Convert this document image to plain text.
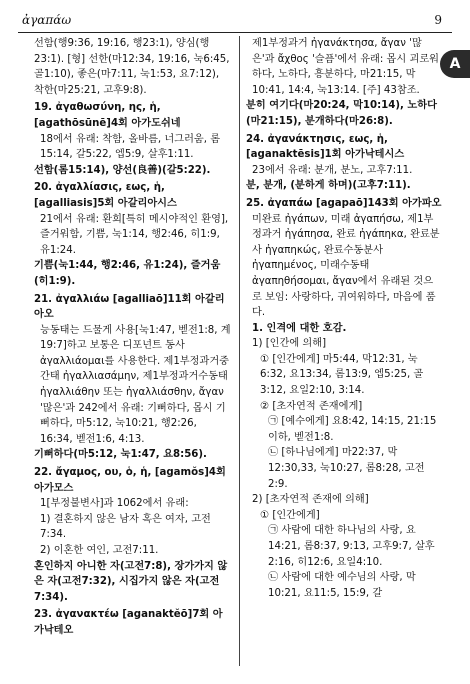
ἀγαπάω	9
A

선함(행9:36, 19:16, 행23:1), 양심(행23:1). [형] 선한(마12:34, 19:16, 눅6:45, 골1:10), 좋은(마7:11, 눅1:53, 요7:12), 착한(마25:21, 고후9:8).

19. ἀγαθωσύνη, ης, ἡ, [agathōsūnē]4회 아가도쉬네

18에서 유래: 착함, 올바름, 너그러움, 롬15:14, 갈5:22, 엡5:9, 살후1:11.

선함(롬15:14), 양선(良善)(갈5:22).

20. ἀγαλλίασις, εως, ἡ, [agalliasis]5회 아갈리아시스

21에서 유래: 환희[특히 메시야적인 환영], 즐거워함, 기쁨, 눅1:14, 행2:46, 히1:9, 유1:24.

기쁨(눅1:44, 행2:46, 유1:24), 즐거움(히1:9).

21. ἀγαλλιάω [agalliaō]11회 아갈리아오

능동태는 드물게 사용[눅1:47, 벧전1:8, 계19:7]하고 보통은 디포넌트 동사 ἀγαλλιάομαι를 사용한다. 제1부정과거중간태 ἠγαλλιασάμην, 제1부정과거수동태 ἠγαλλιάθην 또는 ἠγαλλιάσθην, ἄγαν '많은'과 242에서 유래: 기뻐하다, 몹시 기뻐하다, 마5:12, 눅10:21, 행2:26, 16:34, 벧전1:6, 4:13.

기뻐하다(마5:12, 눅1:47, 요8:56).

22. ἄγαμος, ου, ὁ, ἡ, [agamŏs]4회 아가모스

1[부정불변사]과 1062에서 유래:

1) 결혼하지 않은 남자 혹은 여자, 고전7:34.

2) 이혼한 여인, 고전7:11.

혼인하지 아니한 자(고전7:8), 장가가지 않은 자(고전7:32), 시집가지 않은 자(고전7:34).

23. ἀγανακτέω [aganaktĕō]7회 아가낙테오

제1부정과거 ἠγανάκτησα, ἄγαν '많은'과 ἄχθος '슬픔'에서 유래: 몹시 괴로워하다, 노하다, 흥분하다, 마21:15, 막10:41, 14:4, 눅13:14. [주] 43참조.

분히 여기다(마20:24, 막10:14), 노하다(마21:15), 분개하다(마26:8).

24. ἀγανάκτησις, εως, ἡ, [aganaktēsis]1회 아가낙테시스

23에서 유래: 분개, 분노, 고후7:11.

분, 분개, (분하게 하며)(고후7:11).

25. ἀγαπάω [agapaō]143회 아가파오

미완료 ἠγάπων, 미래 ἀγαπήσω, 제1부정과거 ἠγάπησα, 완료 ἠγάπηκα, 완료분사 ἠγαπηκώς, 완료수동분사 ἠγαπημένος, 미래수동태 ἀγαπηθήσομαι, ἄγαν에서 유래된 것으로 보임: 사랑하다, 귀여워하다, 마음에 품다.

1. 인격에 대한 호감.

1) [인간에 의해]

① [인간에게] 마5:44, 막12:31, 눅6:32, 요13:34, 롬13:9, 엡5:25, 골3:12, 요일2:10, 3:14.

② [초자연적 존재에게]

㉠ [예수에게] 요8:42, 14:15, 21:15 이하, 벧전1:8.

㉡ [하나님에게] 마22:37, 막12:30,33, 눅10:27, 롬8:28, 고전2:9.

2) [초자연적 존재에 의해]

① [인간에게]

㉠ 사람에 대한 하나님의 사랑, 요14:21, 롬8:37, 9:13, 고후9:7, 살후2:16, 히12:6, 요일4:10.

㉡ 사람에 대한 예수님의 사랑, 막10:21, 요11:5, 15:9, 갈
